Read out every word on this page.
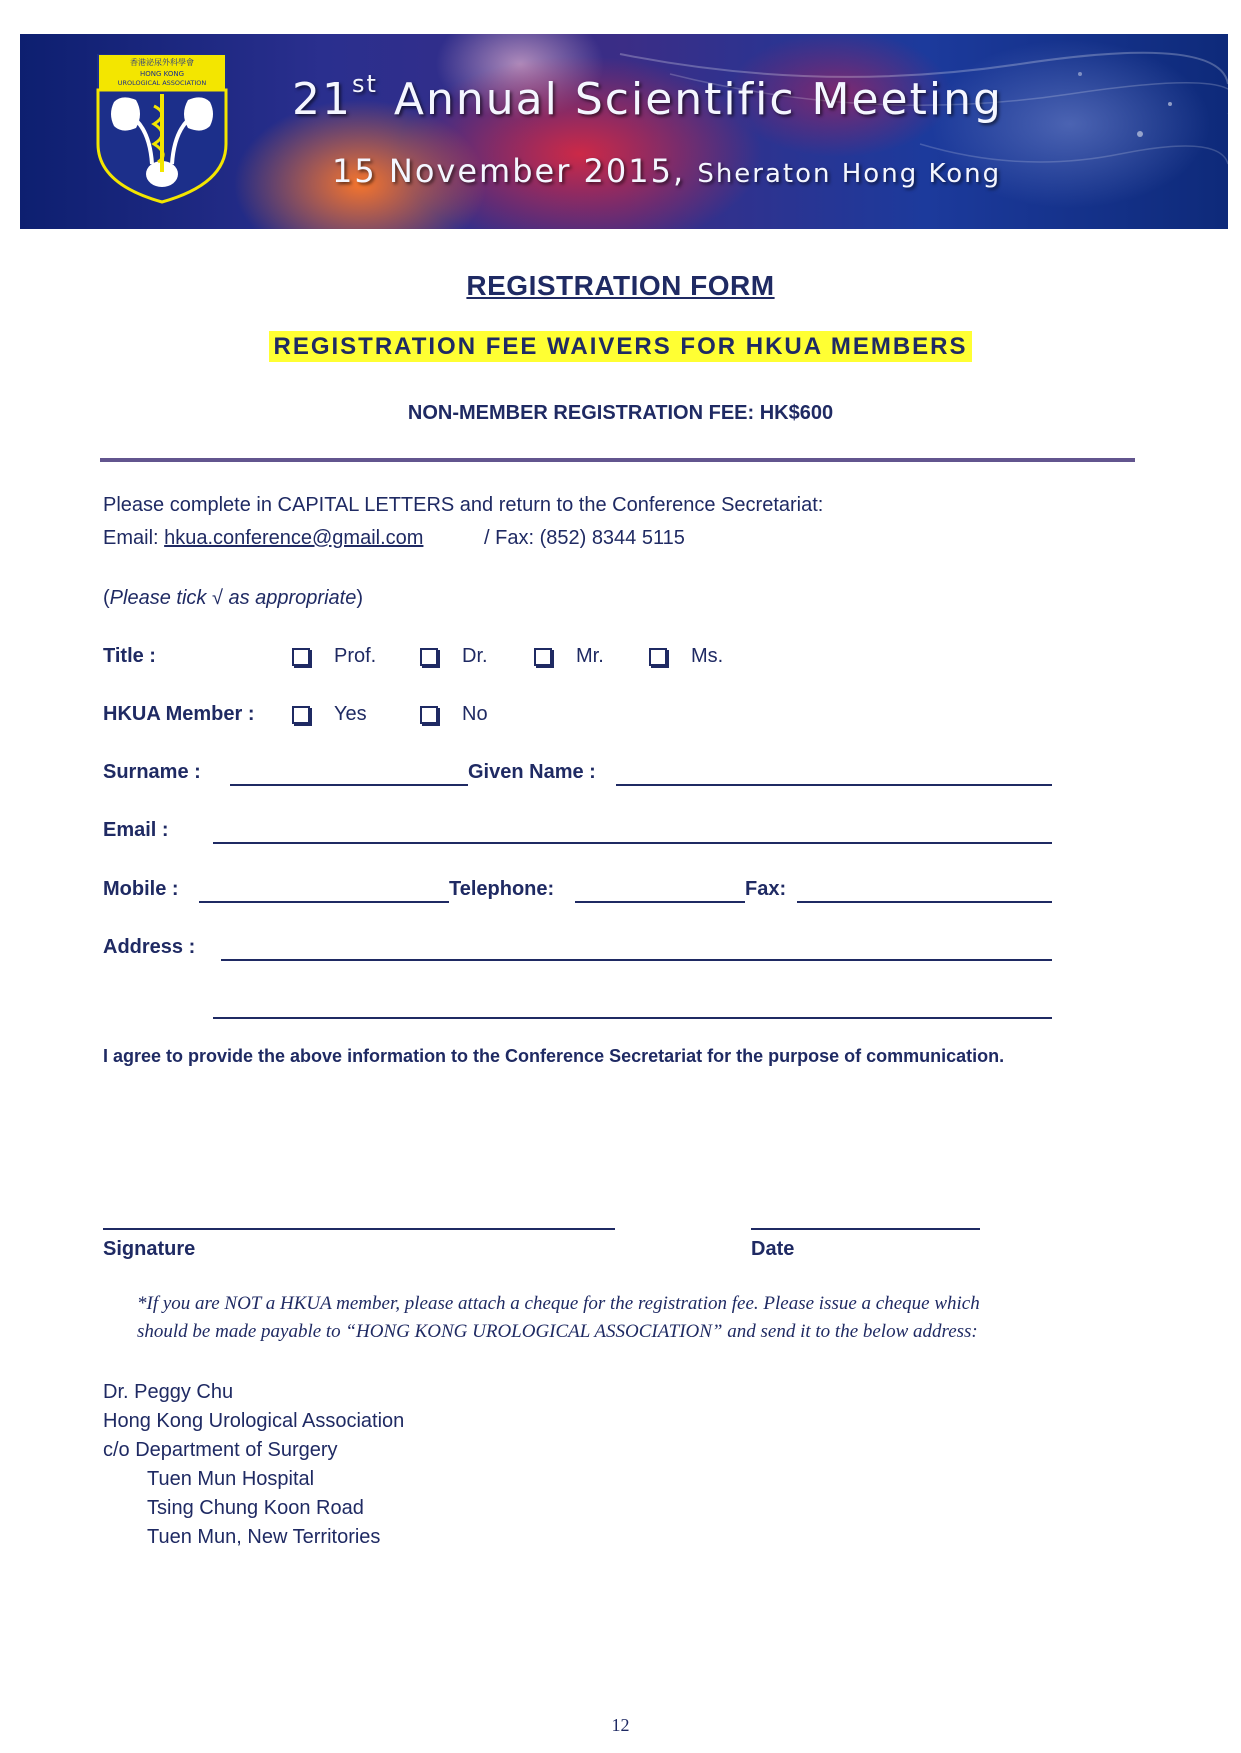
香港泌尿外科學會
HONG KONG
UROLOGICAL ASSOCIATION 21st Annual Scientific Meeting
15 November 2015, Sheraton Hong Kong
REGISTRATION FORM
REGISTRATION FEE WAIVERS FOR HKUA MEMBERS
NON-MEMBER REGISTRATION FEE: HK$600
Please complete in CAPITAL LETTERS and return to the Conference Secretariat:
Email: hkua.conference@gmail.com	/ Fax: (852) 8344 5115
(Please tick √ as appropriate)
Title :	Prof.	Dr.	Mr.	Ms.
HKUA Member :	Yes	No
Surname :	Given Name :
Email :
Mobile :	Telephone:	Fax:
Address :
I agree to provide the above information to the Conference Secretariat for the purpose of communication.
Signature	Date
*If you are NOT a HKUA member, please attach a cheque for the registration fee. Please issue a cheque which
should be made payable to “HONG KONG UROLOGICAL ASSOCIATION” and send it to the below address:
Dr. Peggy Chu
Hong Kong Urological Association
c/o Department of Surgery
Tuen Mun Hospital
Tsing Chung Koon Road
Tuen Mun, New Territories
12
